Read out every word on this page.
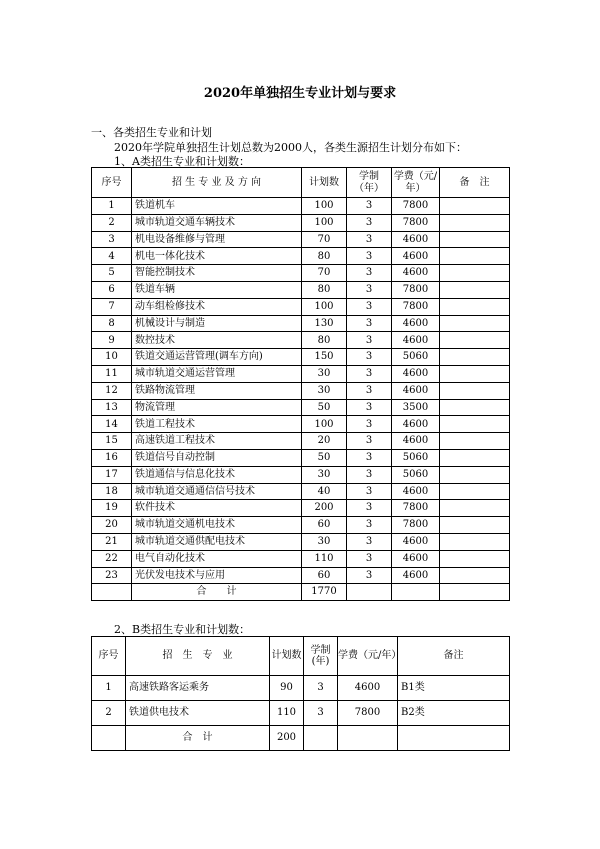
2020年单独招生专业计划与要求
一、各类招生专业和计划
2020年学院单独招生计划总数为2000人，各类生源招生计划分布如下：
1、A类招生专业和计划数：
序号	招 生 专 业 及 方 向	计划数	学制（年）	学费（元/年）	备　注
1	铁道机车	100	3	7800	
2	城市轨道交通车辆技术	100	3	7800	
3	机电设备维修与管理	70	3	4600	
4	机电一体化技术	80	3	4600	
5	智能控制技术	70	3	4600	
6	铁道车辆	80	3	7800	
7	动车组检修技术	100	3	7800	
8	机械设计与制造	130	3	4600	
9	数控技术	80	3	4600	
10	铁道交通运营管理(调车方向)	150	3	5060	
11	城市轨道交通运营管理	30	3	4600	
12	铁路物流管理	30	3	4600	
13	物流管理	50	3	3500	
14	铁道工程技术	100	3	4600	
15	高速铁道工程技术	20	3	4600	
16	铁道信号自动控制	50	3	5060	
17	铁道通信与信息化技术	30	3	5060	
18	城市轨道交通通信信号技术	40	3	4600	
19	软件技术	200	3	7800	
20	城市轨道交通机电技术	60	3	7800	
21	城市轨道交通供配电技术	30	3	4600	
22	电气自动化技术	110	3	4600	
23	光伏发电技术与应用	60	3	4600	
	合　　计	1770			
2、B类招生专业和计划数：
序号	招　生　专　业	计划数	学制(年)	学费（元/年）	备注
1	高速铁路客运乘务	90	3	4600	B1类
2	铁道供电技术	110	3	7800	B2类
	合　计	200			
